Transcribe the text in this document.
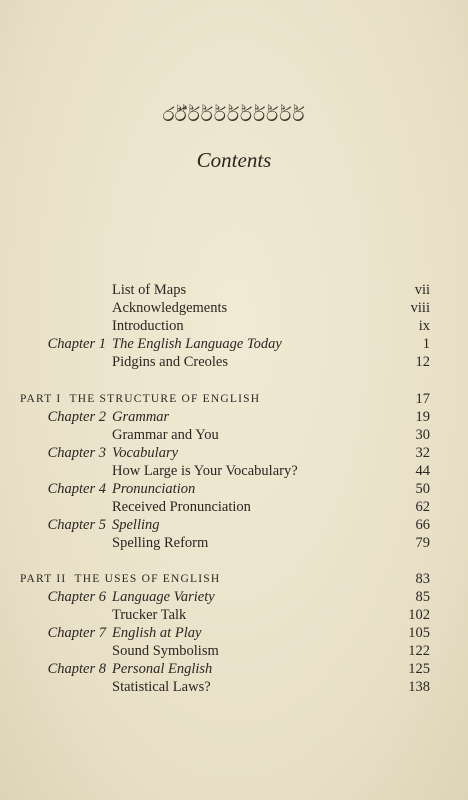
ර්ර්ර්ර්ර්ර්ර්ර්ර්ර්ර්
Contents
List of Maps	vii
Acknowledgements	viii
Introduction	ix
Chapter 1 The English Language Today	1
Pidgins and Creoles	12
PART I THE STRUCTURE OF ENGLISH	17
Chapter 2 Grammar	19
Grammar and You	30
Chapter 3 Vocabulary	32
How Large is Your Vocabulary?	44
Chapter 4 Pronunciation	50
Received Pronunciation	62
Chapter 5 Spelling	66
Spelling Reform	79
PART II THE USES OF ENGLISH	83
Chapter 6 Language Variety	85
Trucker Talk	102
Chapter 7 English at Play	105
Sound Symbolism	122
Chapter 8 Personal English	125
Statistical Laws?	138
